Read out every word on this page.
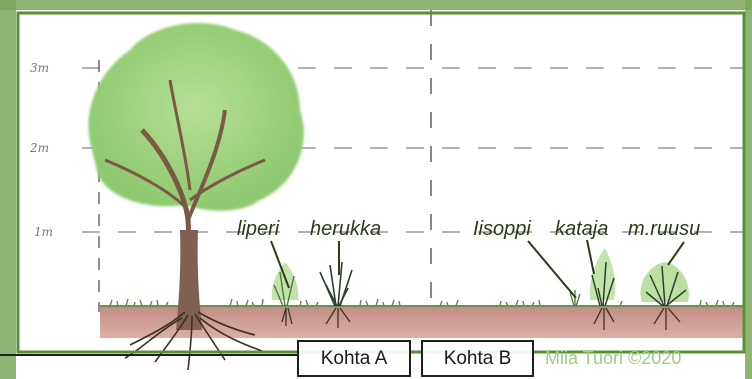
3m
2m
1m	liperi herukka	Iisoppi kataja m.ruusu
Kohta A	Kohta B	Miia Tuori ©2020
